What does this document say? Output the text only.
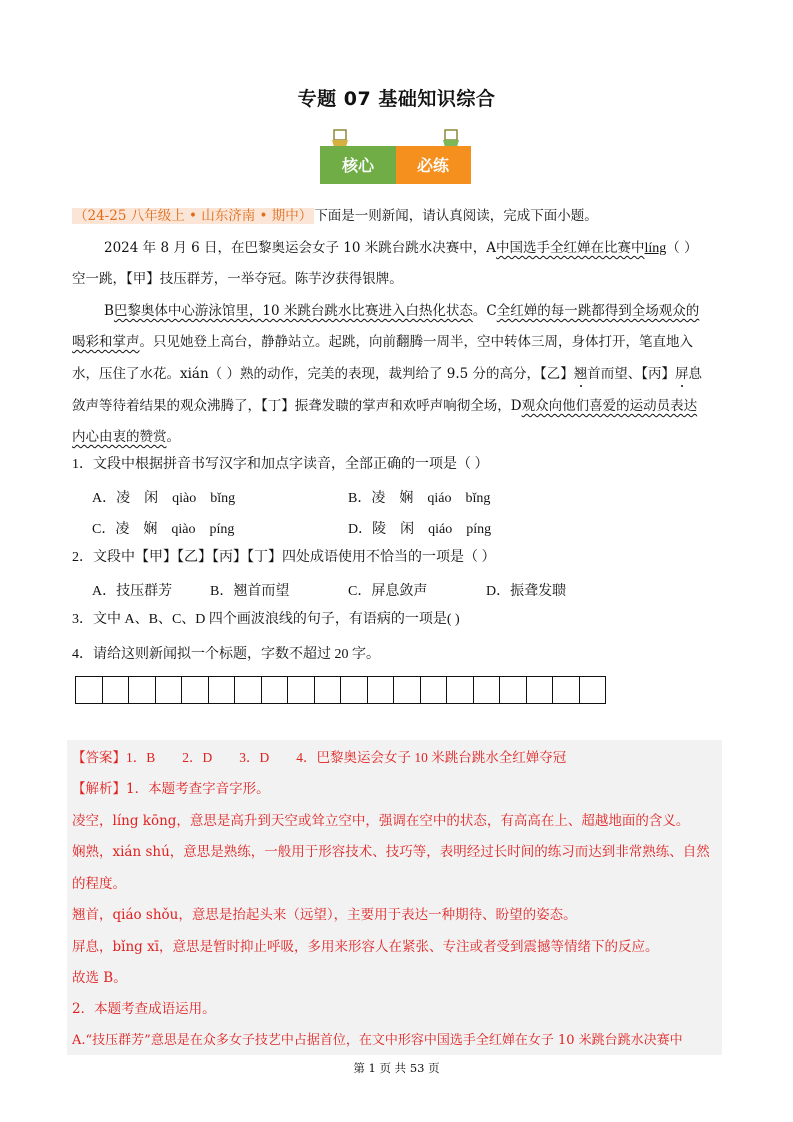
专题 07 基础知识综合
核心	必练
（24-25 八年级上 • 山东济南 • 期中） 下面是一则新闻，请认真阅读，完成下面小题。
2024 年 8 月 6 日，在巴黎奥运会女子 10 米跳台跳水决赛中，A中国选手全红婵在比赛中líng（ ）
空一跳，【甲】技压群芳，一举夺冠。陈芋汐获得银牌。
B巴黎奥体中心游泳馆里，10 米跳台跳水比赛进入白热化状态。C全红婵的每一跳都得到全场观众的
喝彩和掌声。只见她登上高台，静静站立。起跳，向前翻腾一周半，空中转体三周，身体打开，笔直地入
水，压住了水花。xián（ ）熟的动作，完美的表现，裁判给了 9.5 分的高分，【乙】翘首而望、【丙】屏息
敛声等待着结果的观众沸腾了，【丁】振聋发聩的掌声和欢呼声响彻全场，D观众向他们喜爱的运动员表达
内心由衷的赞赏。
1．文段中根据拼音书写汉字和加点字读音，全部正确的一项是（ ）
A．凌　闲　qiào　bǐng	B．凌　娴　qiáo　bǐng
C．凌　娴　qiào　píng	D．陵　闲　qiáo　píng
2．文段中【甲】【乙】【丙】【丁】四处成语使用不恰当的一项是（ ）
A．技压群芳	B．翘首而望	C．屏息敛声	D．振聋发聩
3．文中 A、B、C、D 四个画波浪线的句子，有语病的一项是( )
4．请给这则新闻拟一个标题，字数不超过 20 字。
【答案】1．B　　2．D　　3．D　　4．巴黎奥运会女子 10 米跳台跳水全红婵夺冠
【解析】1．本题考查字音字形。
凌空，líng kōng，意思是高升到天空或耸立空中，强调在空中的状态，有高高在上、超越地面的含义。
娴熟，xián shú，意思是熟练，一般用于形容技术、技巧等，表明经过长时间的练习而达到非常熟练、自然
的程度。
翘首，qiáo shǒu，意思是抬起头来（远望），主要用于表达一种期待、盼望的姿态。
屏息，bǐng xī，意思是暂时抑止呼吸，多用来形容人在紧张、专注或者受到震撼等情绪下的反应。
故选 B。
2．本题考查成语运用。
A.“技压群芳”意思是在众多女子技艺中占据首位，在文中形容中国选手全红婵在女子 10 米跳台跳水决赛中
第 1 页 共 53 页
